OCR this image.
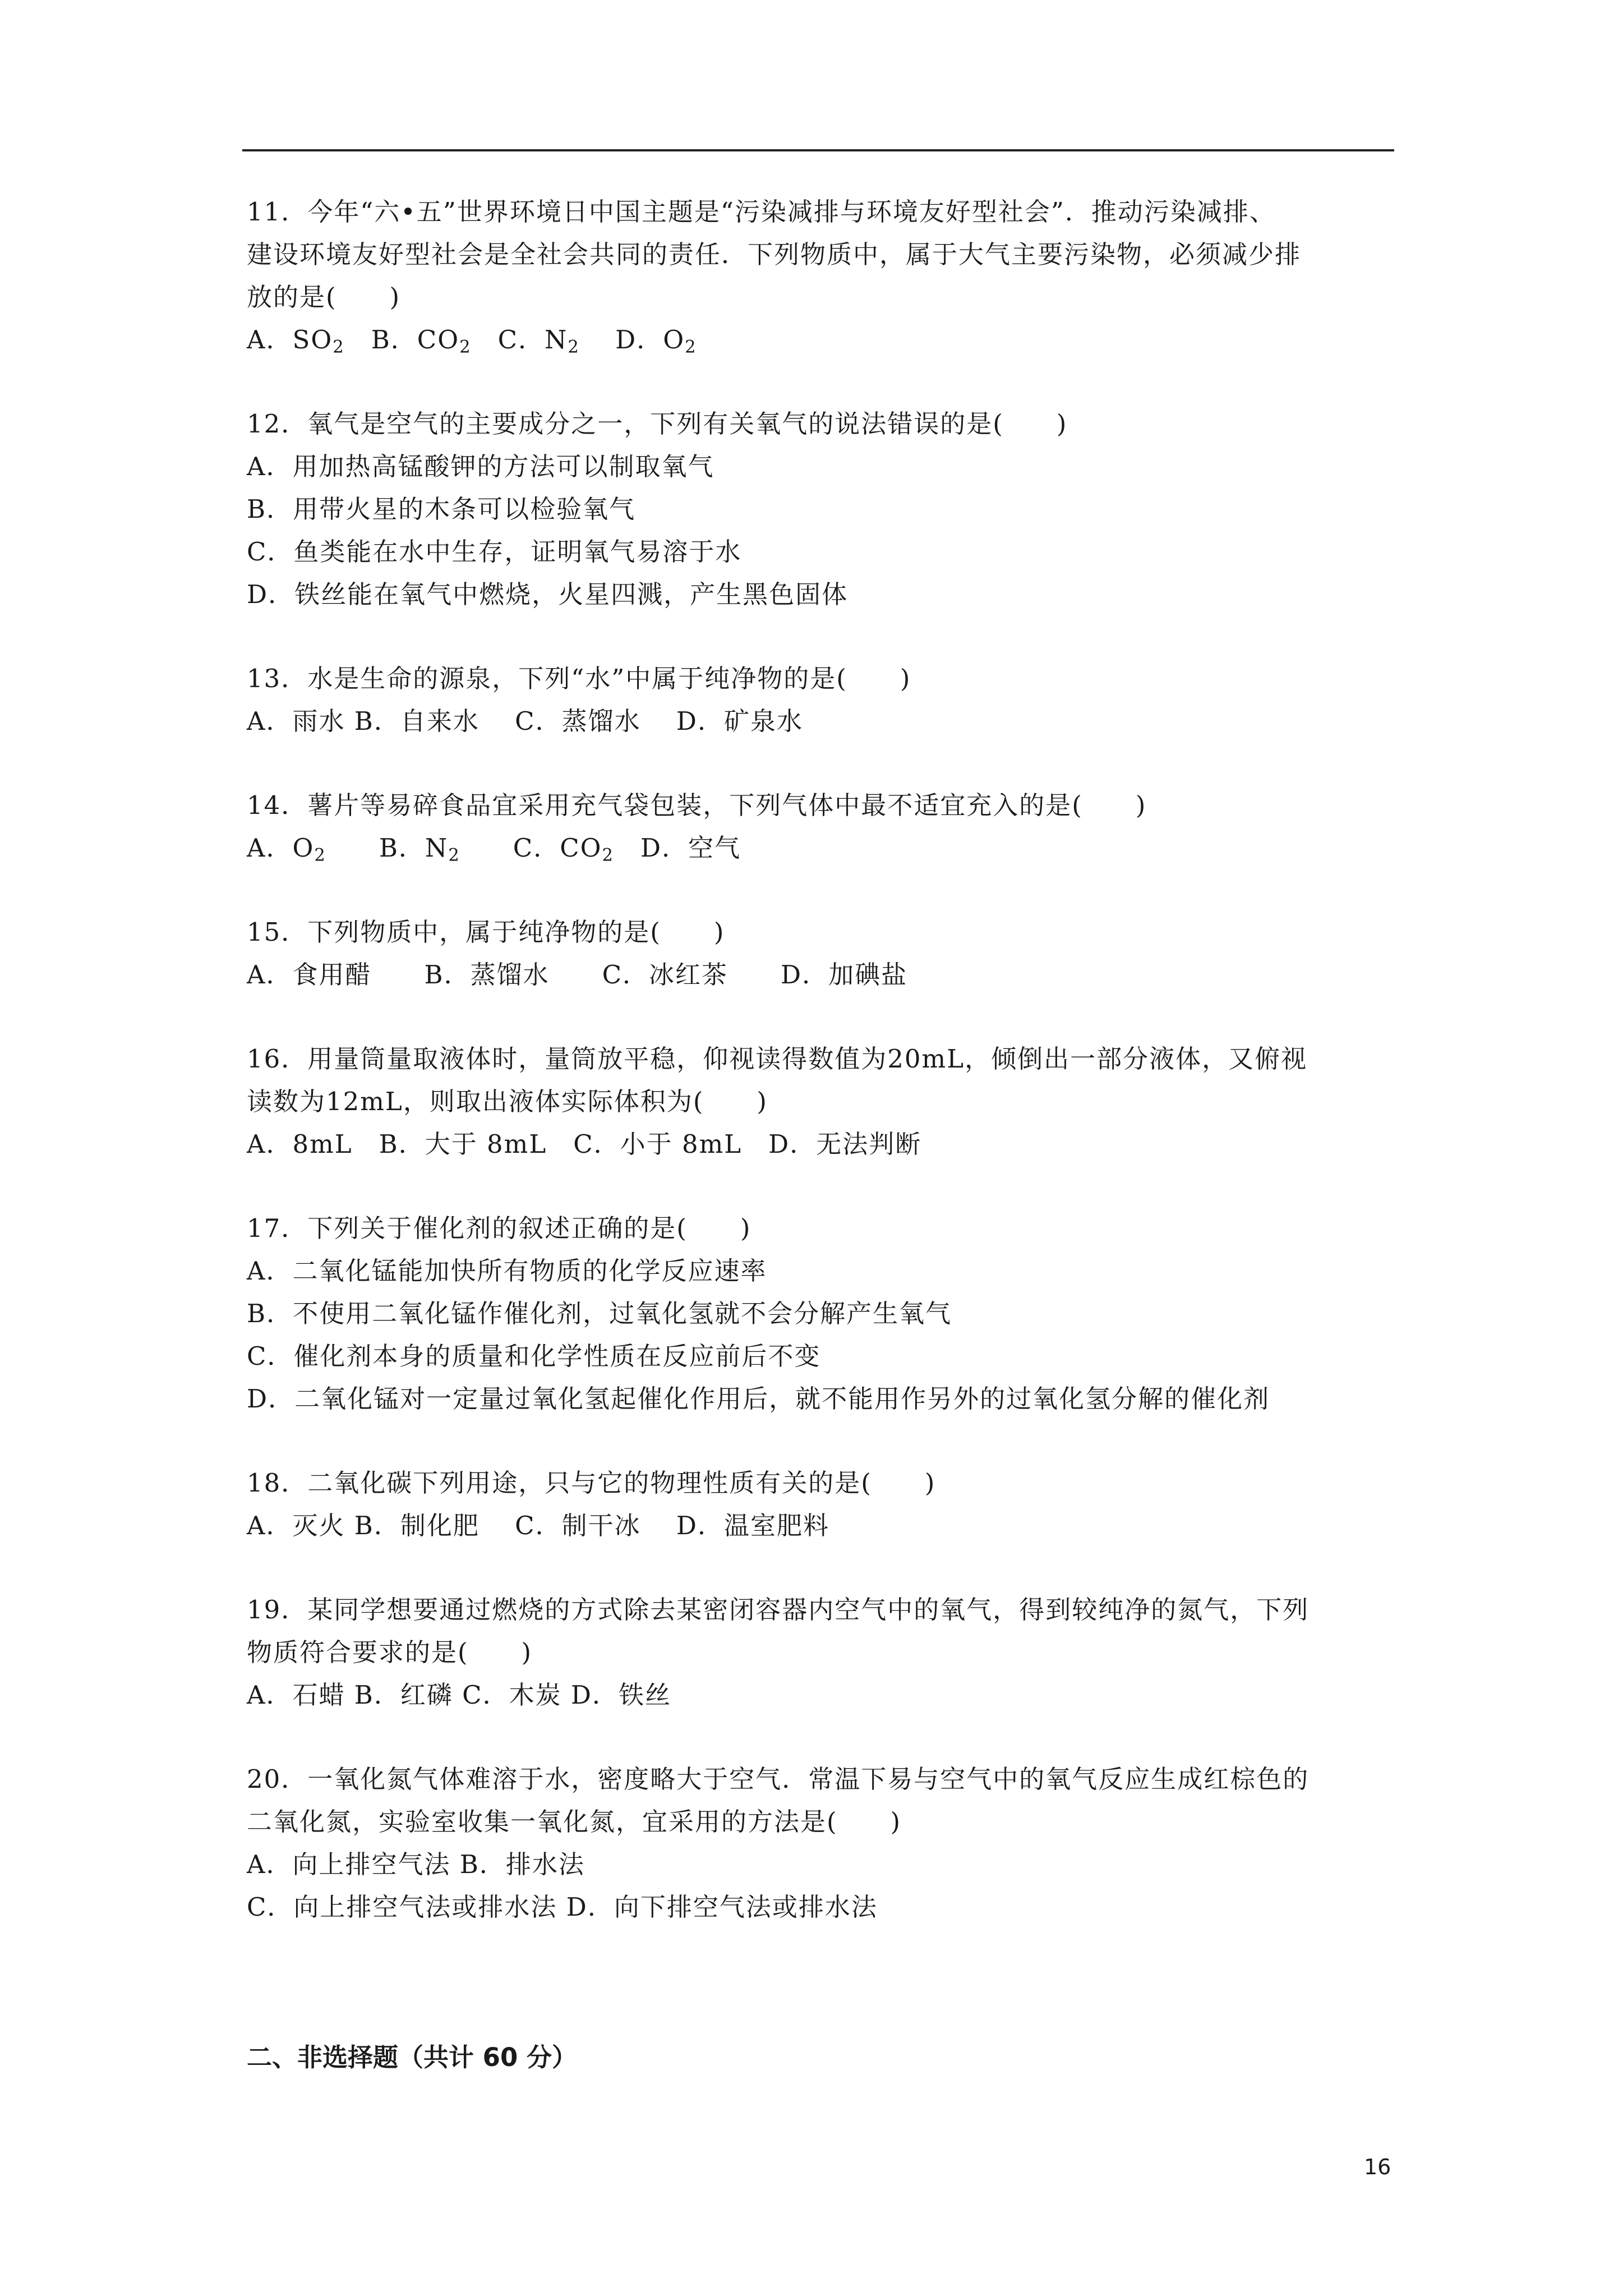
11．今年“六•五”世界环境日中国主题是“污染减排与环境友好型社会”．推动污染减排、
建设环境友好型社会是全社会共同的责任．下列物质中，属于大气主要污染物，必须减少排
放的是(　　)
A．$SO_2$　B．$CO_2$　C．$N_2$　 D．$O_2$
12．氧气是空气的主要成分之一，下列有关氧气的说法错误的是(　　)
A．用加热高锰酸钾的方法可以制取氧气
B．用带火星的木条可以检验氧气
C．鱼类能在水中生存，证明氧气易溶于水
D．铁丝能在氧气中燃烧，火星四溅，产生黑色固体
13．水是生命的源泉，下列“水”中属于纯净物的是(　　)
A．雨水 B．自来水　 C．蒸馏水　 D．矿泉水
14．薯片等易碎食品宜采用充气袋包装，下列气体中最不适宜充入的是(　　)
A．$O_2$　　B．$N_2$　　C．$CO_2$　D．空气
15．下列物质中，属于纯净物的是(　　)
A．食用醋　　B．蒸馏水　　C．冰红茶　　D．加碘盐
16．用量筒量取液体时，量筒放平稳，仰视读得数值为20mL，倾倒出一部分液体，又俯视
读数为12mL，则取出液体实际体积为(　　)
A．8mL　B．大于 8mL　C．小于 8mL　D．无法判断
17．下列关于催化剂的叙述正确的是(　　)
A．二氧化锰能加快所有物质的化学反应速率
B．不使用二氧化锰作催化剂，过氧化氢就不会分解产生氧气
C．催化剂本身的质量和化学性质在反应前后不变
D．二氧化锰对一定量过氧化氢起催化作用后，就不能用作另外的过氧化氢分解的催化剂
18．二氧化碳下列用途，只与它的物理性质有关的是(　　)
A．灭火 B．制化肥　 C．制干冰　 D．温室肥料
19．某同学想要通过燃烧的方式除去某密闭容器内空气中的氧气，得到较纯净的氮气，下列
物质符合要求的是(　　)
A．石蜡 B．红磷 C．木炭 D．铁丝
20．一氧化氮气体难溶于水，密度略大于空气．常温下易与空气中的氧气反应生成红棕色的
二氧化氮，实验室收集一氧化氮，宜采用的方法是(　　)
A．向上排空气法 B．排水法
C．向上排空气法或排水法 D．向下排空气法或排水法
二、非选择题（共计 60 分）
16
